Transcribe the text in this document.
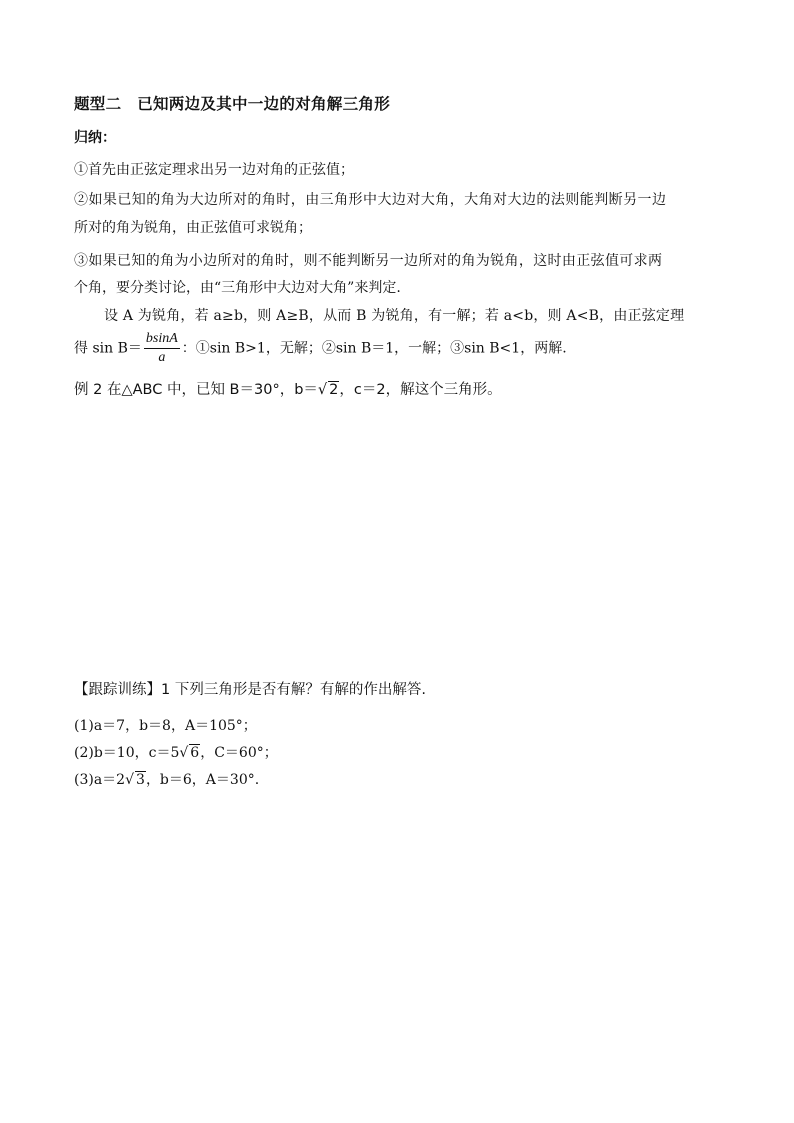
题型二　已知两边及其中一边的对角解三角形
归纳：
①首先由正弦定理求出另一边对角的正弦值；
②如果已知的角为大边所对的角时，由三角形中大边对大角，大角对大边的法则能判断另一边
所对的角为锐角，由正弦值可求锐角；
③如果已知的角为小边所对的角时，则不能判断另一边所对的角为锐角，这时由正弦值可求两
个角，要分类讨论，由“三角形中大边对大角”来判定.
设 A 为锐角，若 a≥b，则 A≥B，从而 B 为锐角，有一解；若 a<b，则 A<B，由正弦定理
得 $\sin B= \frac{bsinA}{a}$ ：①sin B>1，无解；②sin B＝1，一解；③sin B<1，两解.
例 2 在△ABC 中，已知 B＝30°，b＝√ 2，c＝2，解这个三角形。
【跟踪训练】1 下列三角形是否有解？有解的作出解答.
(1)a＝7，b＝8，A＝105°；
(2)b＝10，c＝5√ 6，C＝60°；
(3)a＝2√ 3，b＝6，A＝30°.
